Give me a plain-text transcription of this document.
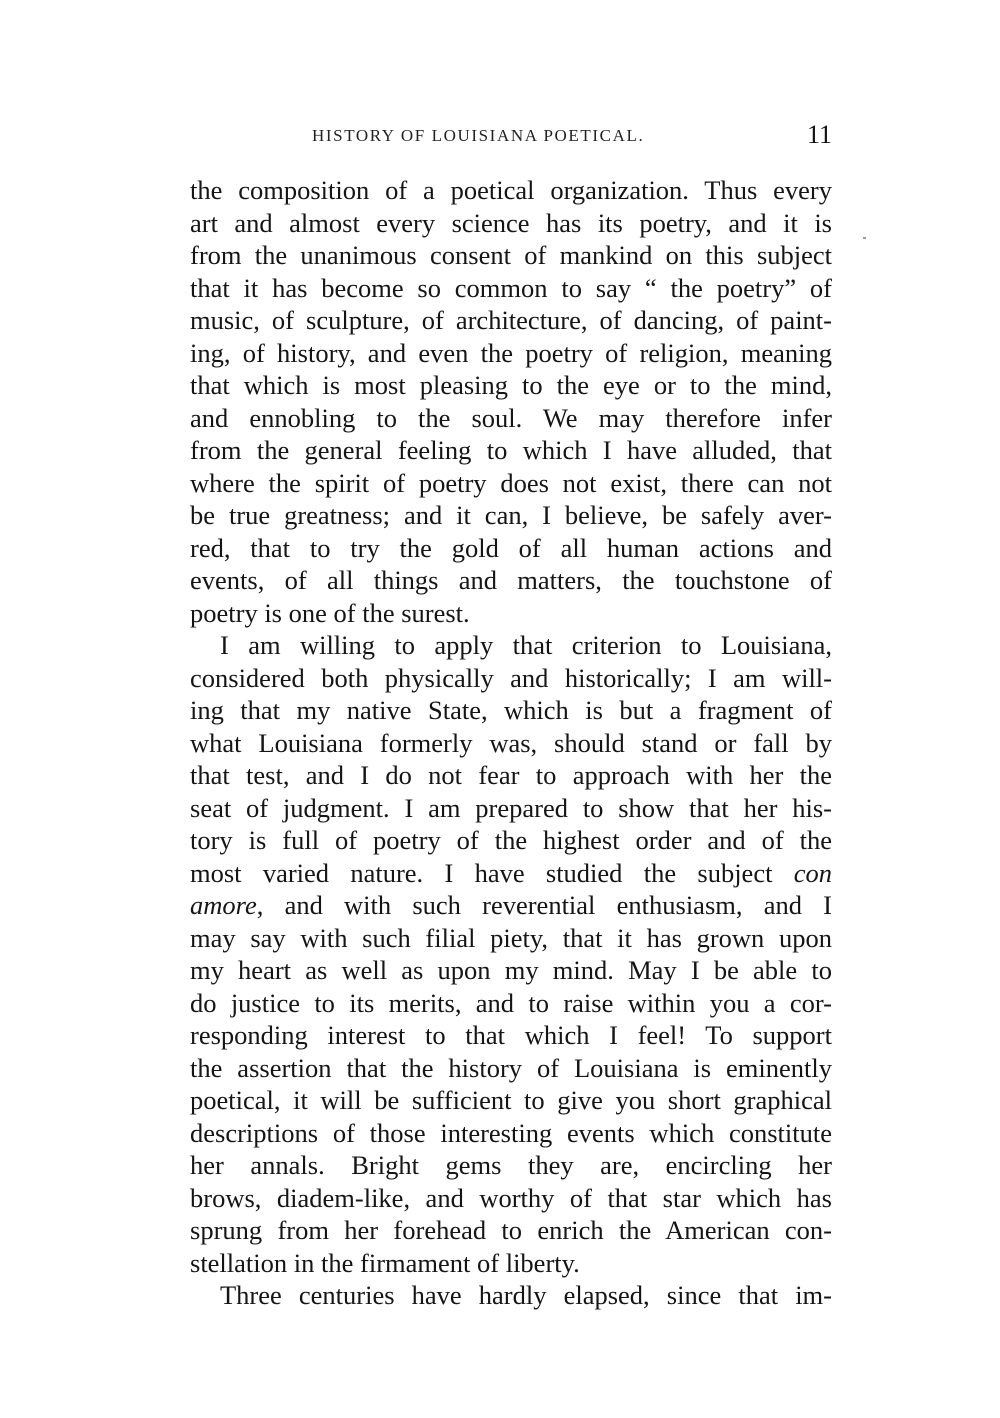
HISTORY OF LOUISIANA POETICAL.	11
the composition of a poetical organization. Thus every
art and almost every science has its poetry, and it is
from the unanimous consent of mankind on this subject
that it has become so common to say “ the poetry” of
music, of sculpture, of architecture, of dancing, of paint-
ing, of history, and even the poetry of religion, meaning
that which is most pleasing to the eye or to the mind,
and ennobling to the soul. We may therefore infer
from the general feeling to which I have alluded, that
where the spirit of poetry does not exist, there can not
be true greatness; and it can, I believe, be safely aver-
red, that to try the gold of all human actions and
events, of all things and matters, the touchstone of
poetry is one of the surest.
I am willing to apply that criterion to Louisiana,
considered both physically and historically; I am will-
ing that my native State, which is but a fragment of
what Louisiana formerly was, should stand or fall by
that test, and I do not fear to approach with her the
seat of judgment. I am prepared to show that her his-
tory is full of poetry of the highest order and of the
most varied nature. I have studied the subject con
amore, and with such reverential enthusiasm, and I
may say with such filial piety, that it has grown upon
my heart as well as upon my mind. May I be able to
do justice to its merits, and to raise within you a cor-
responding interest to that which I feel! To support
the assertion that the history of Louisiana is eminently
poetical, it will be sufficient to give you short graphical
descriptions of those interesting events which constitute
her annals. Bright gems they are, encircling her
brows, diadem-like, and worthy of that star which has
sprung from her forehead to enrich the American con-
stellation in the firmament of liberty.
Three centuries have hardly elapsed, since that im-
